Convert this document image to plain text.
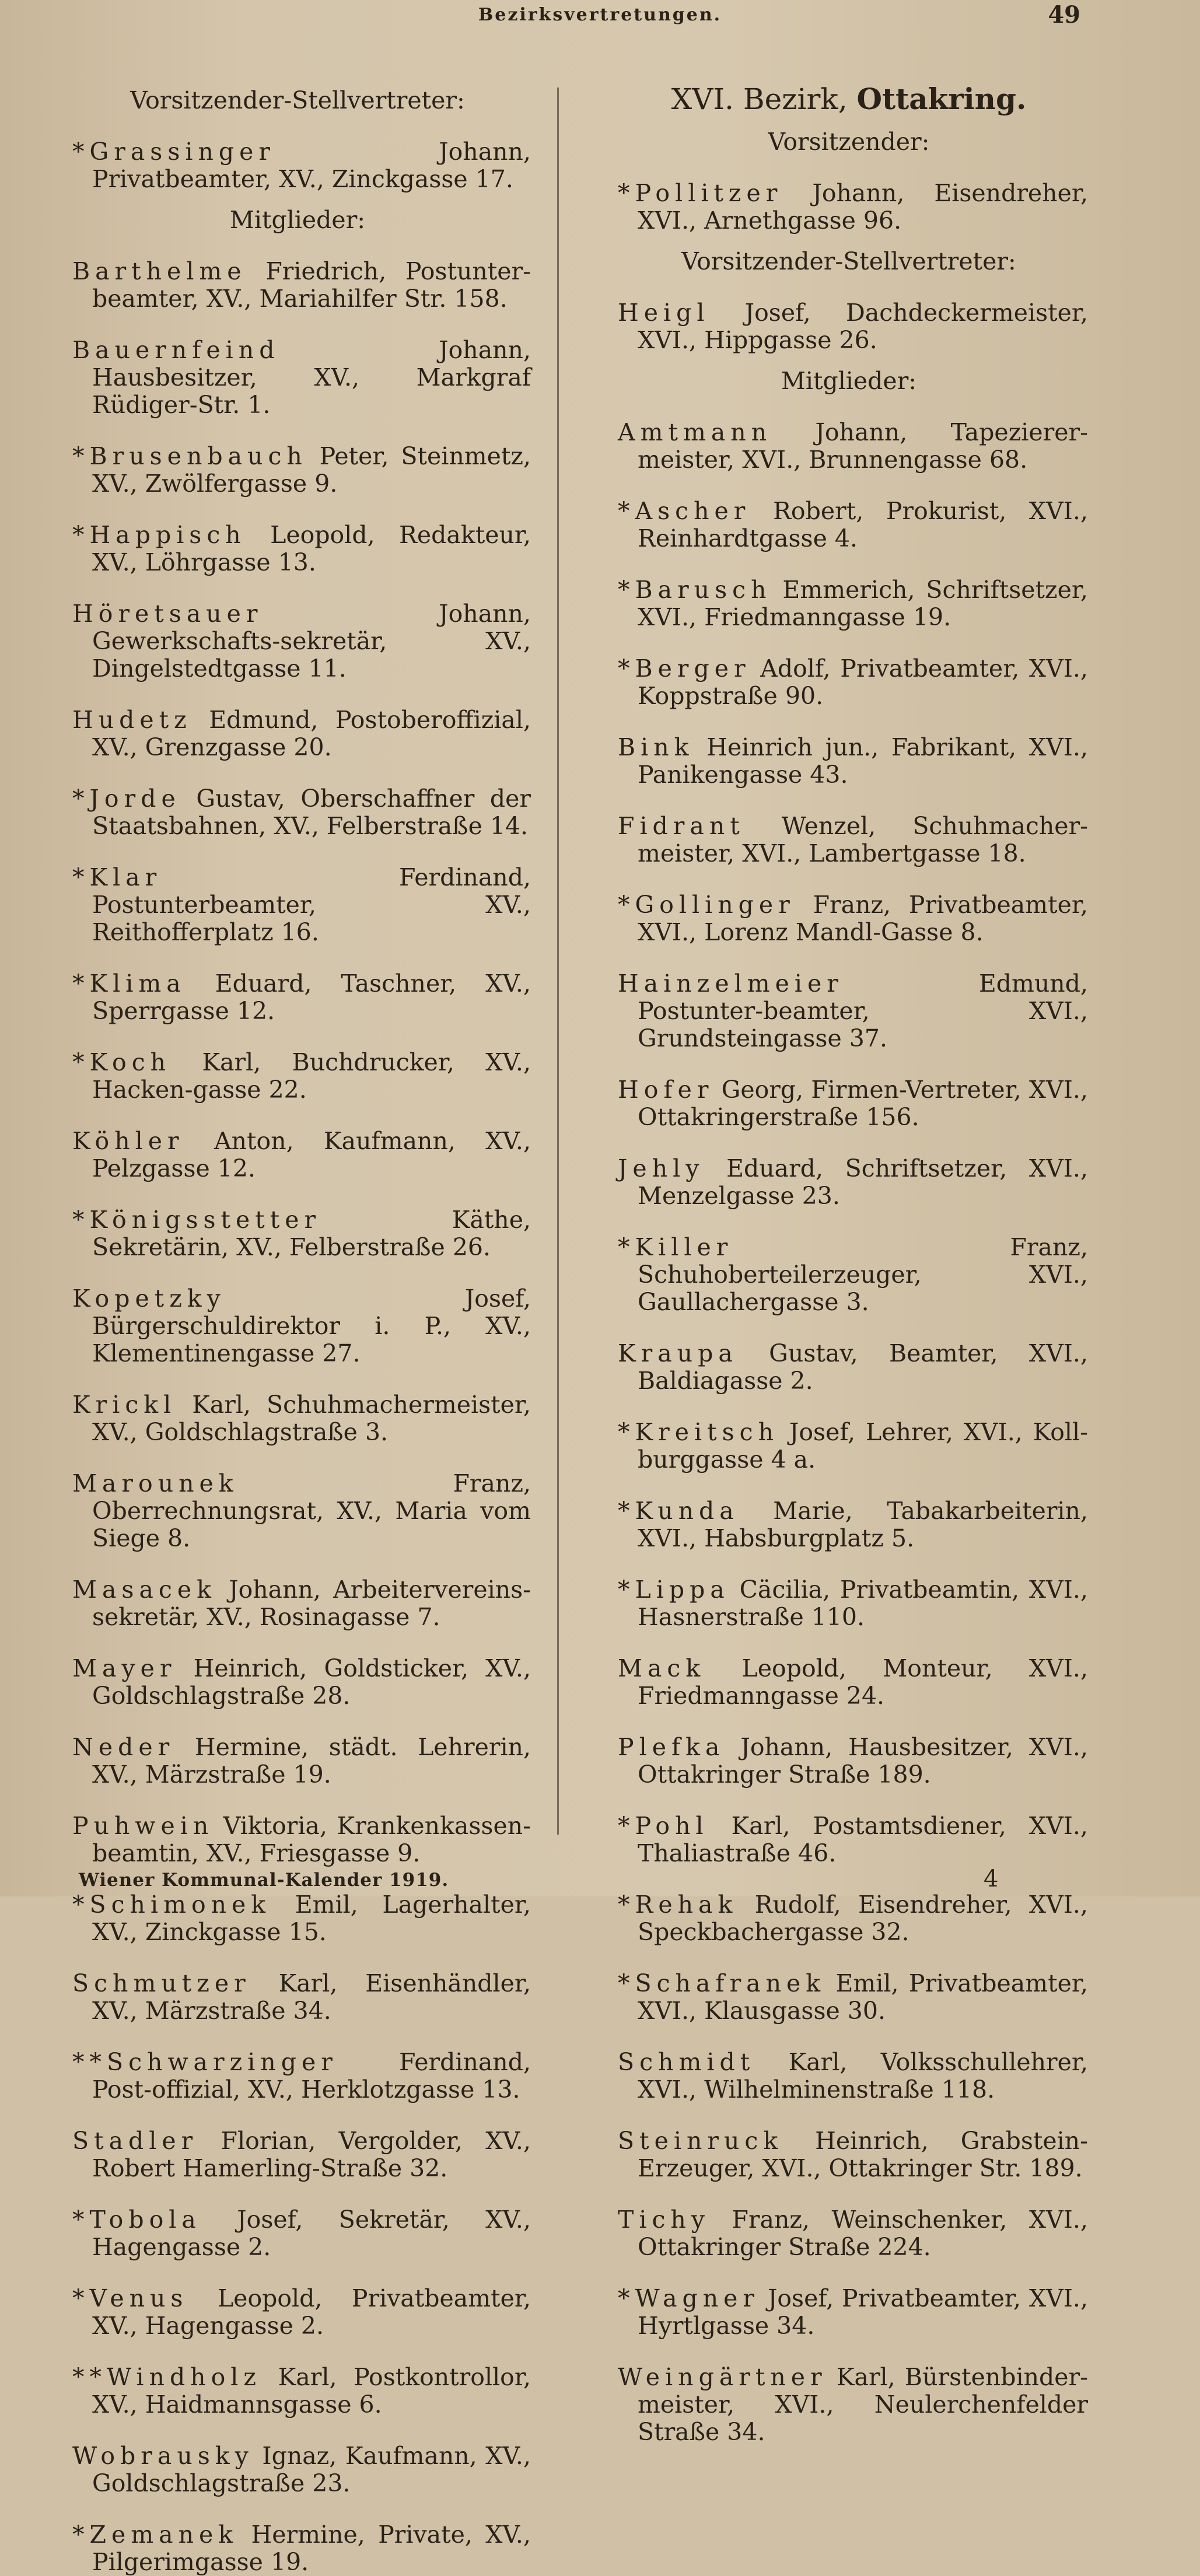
Bezirksvertretungen.	49
Vorsitzender-Stellvertreter:

*Grassinger	Johann, Privatbeamter, XV., Zinckgasse 17.

Mitglieder:

Barthelme Friedrich, Postunter-beamter, XV., Mariahilfer Str. 158.

Bauernfeind	Johann, Hausbesitzer, XV., Markgraf Rüdiger-Str. 1.

*Brusenbauch Peter, Steinmetz, XV., Zwölfergasse 9.

*Happisch Leopold, Redakteur, XV., Löhrgasse 13.

Höretsauer	Johann, Gewerkschafts-sekretär, XV., Dingelstedtgasse 11.

Hudetz Edmund, Postoberoffizial, XV., Grenzgasse 20.

*Jorde Gustav, Oberschaffner der Staatsbahnen, XV., Felberstraße 14.

*Klar	Ferdinand, Postunterbeamter, XV., Reithofferplatz 16.

*Klima Eduard, Taschner, XV., Sperrgasse 12.

*Koch Karl, Buchdrucker, XV., Hacken-gasse 22.

Köhler Anton, Kaufmann, XV., Pelzgasse 12.

*Königsstetter	Käthe, Sekretärin, XV., Felberstraße 26.

Kopetzky	Josef, Bürgerschuldirektor i. P., XV., Klementinengasse 27.

Krickl Karl, Schuhmachermeister, XV., Goldschlagstraße 3.

Marounek	Franz, Oberrechnungsrat, XV., Maria vom Siege 8.

Masacek Johann, Arbeitervereins-sekretär, XV., Rosinagasse 7.

Mayer Heinrich, Goldsticker, XV., Goldschlagstraße 28.

Neder Hermine, städt. Lehrerin, XV., Märzstraße 19.

Puhwein Viktoria, Krankenkassen-beamtin, XV., Friesgasse 9.

*Schimonek Emil, Lagerhalter, XV., Zinckgasse 15.

Schmutzer Karl, Eisenhändler, XV., Märzstraße 34.

**Schwarzinger	Ferdinand, Post-offizial, XV., Herklotzgasse 13.

Stadler Florian, Vergolder, XV., Robert Hamerling-Straße 32.

*Tobola Josef, Sekretär, XV., Hagengasse 2.

*Venus Leopold, Privatbeamter, XV., Hagengasse 2.

**Windholz Karl, Postkontrollor, XV., Haidmannsgasse 6.

Wobrausky Ignaz, Kaufmann, XV., Goldschlagstraße 23.

*Zemanek Hermine, Private, XV., Pilgerimgasse 19.

XVI. Bezirk, Ottakring.
Vorsitzender:

*Pollitzer Johann, Eisendreher, XVI., Arnethgasse 96.

Vorsitzender-Stellvertreter:

Heigl Josef, Dachdeckermeister, XVI., Hippgasse 26.

Mitglieder:

Amtmann Johann, Tapezierer-meister, XVI., Brunnengasse 68.

*Ascher Robert, Prokurist, XVI., Reinhardtgasse 4.

*Barusch Emmerich, Schriftsetzer, XVI., Friedmanngasse 19.

*Berger Adolf, Privatbeamter, XVI., Koppstraße 90.

Bink Heinrich jun., Fabrikant, XVI., Panikengasse 43.

Fidrant Wenzel, Schuhmacher-meister, XVI., Lambertgasse 18.

*Gollinger Franz, Privatbeamter, XVI., Lorenz Mandl-Gasse 8.

Hainzelmeier	Edmund, Postunter-beamter, XVI., Grundsteingasse 37.

Hofer Georg, Firmen-Vertreter, XVI., Ottakringerstraße 156.

Jehly Eduard, Schriftsetzer, XVI., Menzelgasse 23.

*Killer	Franz, Schuhoberteilerzeuger, XVI., Gaullachergasse 3.

Kraupa Gustav, Beamter, XVI., Baldiagasse 2.

*Kreitsch Josef, Lehrer, XVI., Koll-burggasse 4 a.

*Kunda Marie, Tabakarbeiterin, XVI., Habsburgplatz 5.

*Lippa Cäcilia, Privatbeamtin, XVI., Hasnerstraße 110.

Mack Leopold, Monteur, XVI., Friedmanngasse 24.

Plefka Johann, Hausbesitzer, XVI., Ottakringer Straße 189.

*Pohl Karl, Postamtsdiener, XVI., Thaliastraße 46.

*Rehak Rudolf, Eisendreher, XVI., Speckbachergasse 32.

*Schafranek Emil, Privatbeamter, XVI., Klausgasse 30.

Schmidt Karl, Volksschullehrer, XVI., Wilhelminenstraße 118.

Steinruck Heinrich, Grabstein-Erzeuger, XVI., Ottakringer Str. 189.

Tichy Franz, Weinschenker, XVI., Ottakringer Straße 224.

*Wagner Josef, Privatbeamter, XVI., Hyrtlgasse 34.

Weingärtner Karl, Bürstenbinder-meister, XVI., Neulerchenfelder Straße 34.

Wiener Kommunal-Kalender 1919.	4
